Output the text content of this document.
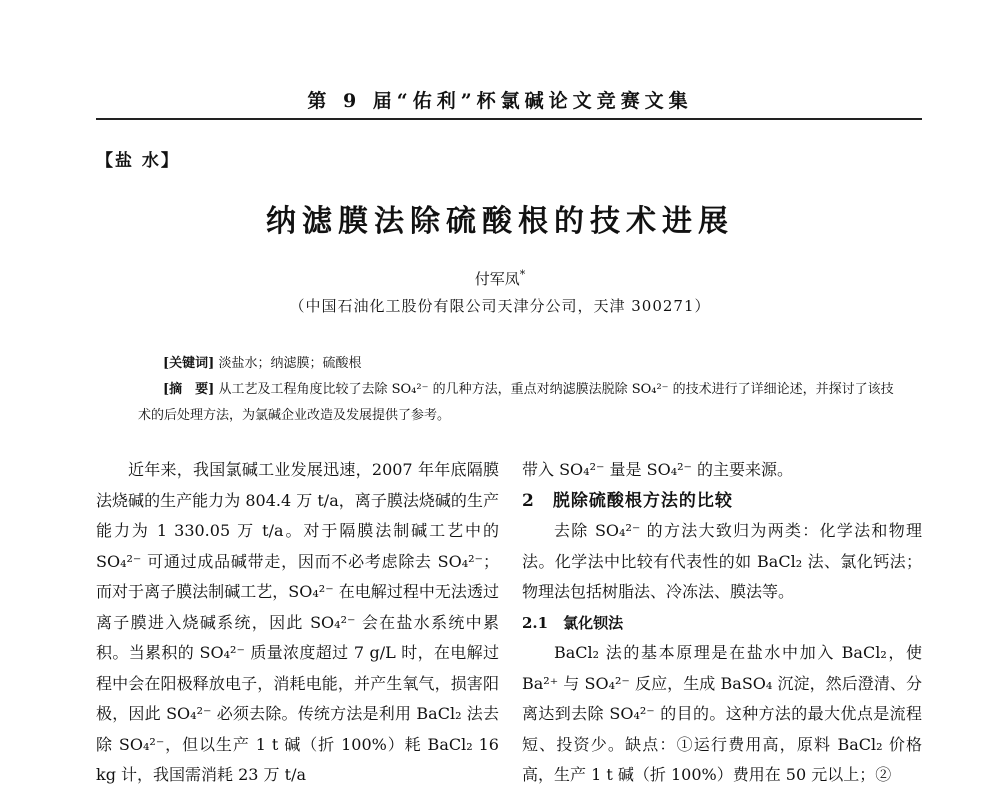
第 9 届“佑利”杯氯碱论文竞赛文集
【盐 水】
纳滤膜法除硫酸根的技术进展
付军凤*
（中国石油化工股份有限公司天津分公司，天津 300271）
[关键词] 淡盐水；纳滤膜；硫酸根
[摘　要] 从工艺及工程角度比较了去除 SO₄²⁻ 的几种方法，重点对纳滤膜法脱除 SO₄²⁻ 的技术进行了详细论述，并探讨了该技术的后处理方法，为氯碱企业改造及发展提供了参考。

近年来，我国氯碱工业发展迅速，2007 年年底隔膜法烧碱的生产能力为 804.4 万 t/a，离子膜法烧碱的生产能力为 1 330.05 万 t/a。对于隔膜法制碱工艺中的 SO₄²⁻ 可通过成品碱带走，因而不必考虑除去 SO₄²⁻；而对于离子膜法制碱工艺，SO₄²⁻ 在电解过程中无法透过离子膜进入烧碱系统，因此 SO₄²⁻ 会在盐水系统中累积。当累积的 SO₄²⁻ 质量浓度超过 7 g/L 时，在电解过程中会在阳极释放电子，消耗电能，并产生氧气，损害阳极，因此 SO₄²⁻ 必须去除。传统方法是利用 BaCl₂ 法去除 SO₄²⁻，但以生产 1 t 碱（折 100%）耗 BaCl₂ 16 kg 计，我国需消耗 23 万 t/a

带入 SO₄²⁻ 量是 SO₄²⁻ 的主要来源。

2　脱除硫酸根方法的比较

去除 SO₄²⁻ 的方法大致归为两类：化学法和物理法。化学法中比较有代表性的如 BaCl₂ 法、氯化钙法；物理法包括树脂法、冷冻法、膜法等。

2.1　氯化钡法

BaCl₂ 法的基本原理是在盐水中加入 BaCl₂，使 Ba²⁺ 与 SO₄²⁻ 反应，生成 BaSO₄ 沉淀，然后澄清、分离达到去除 SO₄²⁻ 的目的。这种方法的最大优点是流程短、投资少。缺点：①运行费用高，原料 BaCl₂ 价格高，生产 1 t 碱（折 100%）费用在 50 元以上；②
